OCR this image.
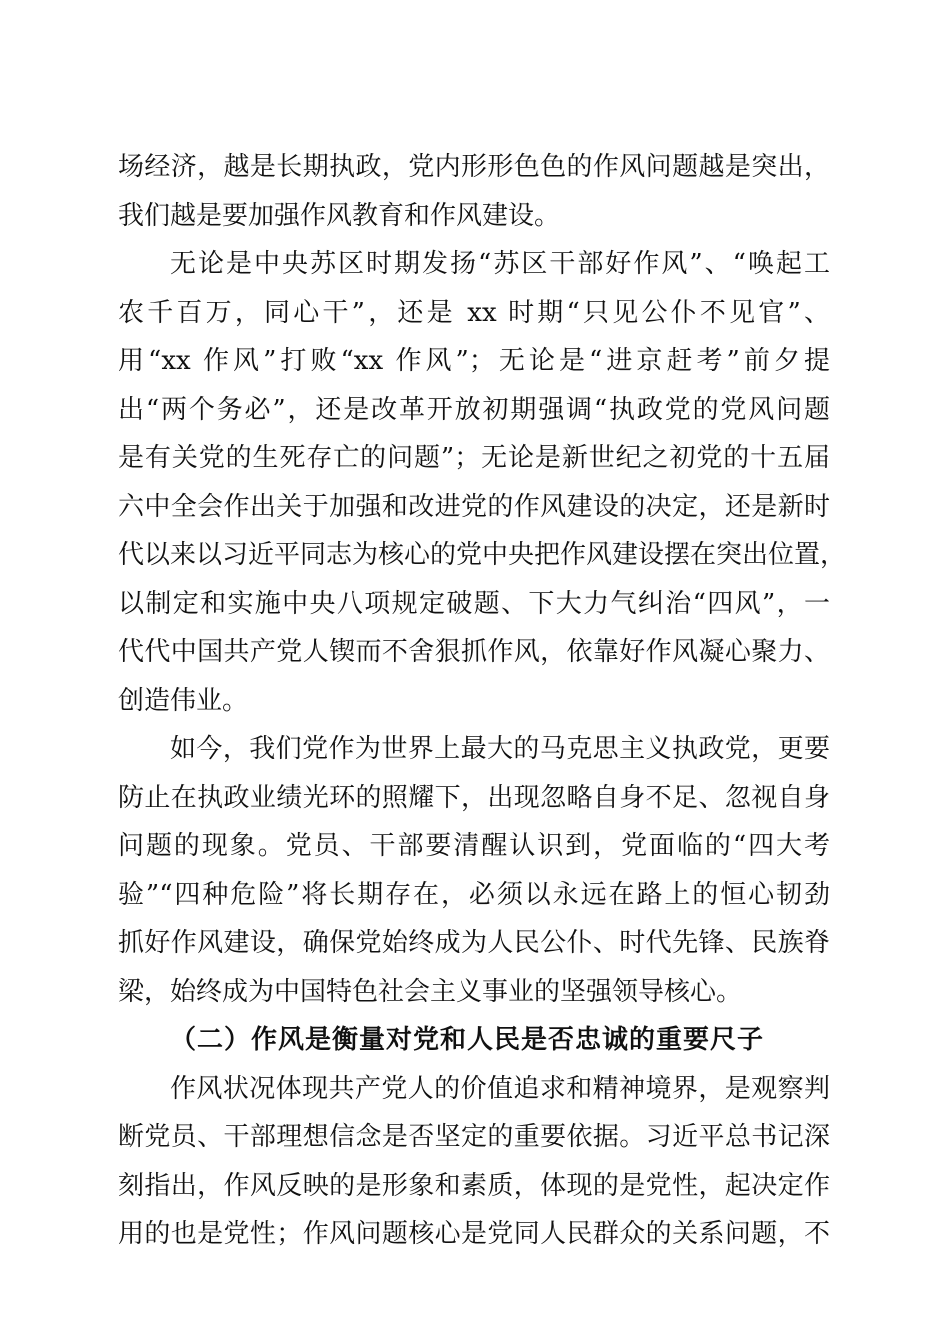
场经济，越是长期执政，党内形形色色的作风问题越是突出，
我们越是要加强作风教育和作风建设。
无论是中央苏区时期发扬“苏区干部好作风”、“唤起工
农千百万，同心干”，还是 xx 时期“只见公仆不见官”、
用“xx 作风”打败“xx 作风”；无论是“进京赶考”前夕提
出“两个务必”，还是改革开放初期强调“执政党的党风问题
是有关党的生死存亡的问题”；无论是新世纪之初党的十五届
六中全会作出关于加强和改进党的作风建设的决定，还是新时
代以来以习近平同志为核心的党中央把作风建设摆在突出位置，
以制定和实施中央八项规定破题、下大力气纠治“四风”，一
代代中国共产党人锲而不舍狠抓作风，依靠好作风凝心聚力、
创造伟业。
如今，我们党作为世界上最大的马克思主义执政党，更要
防止在执政业绩光环的照耀下，出现忽略自身不足、忽视自身
问题的现象。党员、干部要清醒认识到，党面临的“四大考
验”“四种危险”将长期存在，必须以永远在路上的恒心韧劲
抓好作风建设，确保党始终成为人民公仆、时代先锋、民族脊
梁，始终成为中国特色社会主义事业的坚强领导核心。
（二）作风是衡量对党和人民是否忠诚的重要尺子
作风状况体现共产党人的价值追求和精神境界，是观察判
断党员、干部理想信念是否坚定的重要依据。习近平总书记深
刻指出，作风反映的是形象和素质，体现的是党性，起决定作
用的也是党性；作风问题核心是党同人民群众的关系问题，不
